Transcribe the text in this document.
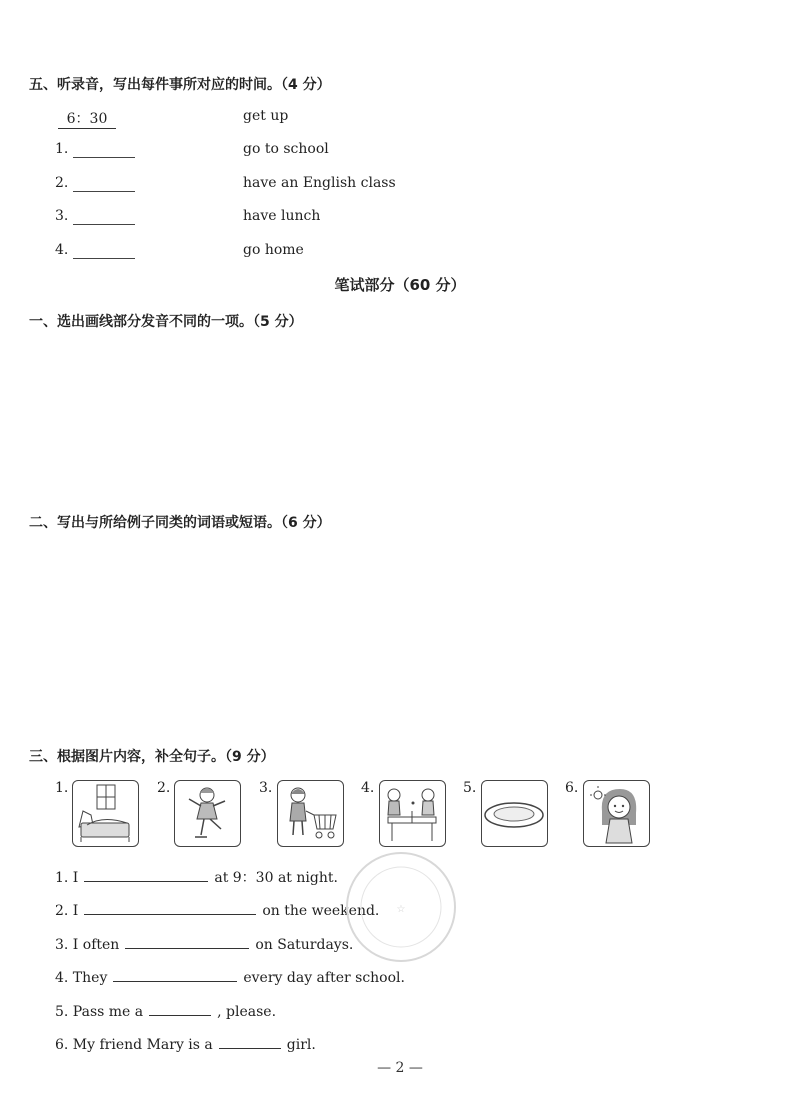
五、听录音，写出每件事所对应的时间。（4 分）
6：30	get up
1.	go to school
2.	have an English class
3.	have lunch
4.	go home
笔试部分（60 分）
一、选出画线部分发音不同的一项。（5 分）
二、写出与所给例子同类的词语或短语。（6 分）
三、根据图片内容，补全句子。（9 分）
1.	2.	3.	4.	5.	6.
1. I	at 9：30 at night.
2. I	on the weekend.
3. I often	on Saturdays.
4. They	every day after school.
5. Pass me a	, please.
6. My friend Mary is a	girl.
☆
— 2 —
